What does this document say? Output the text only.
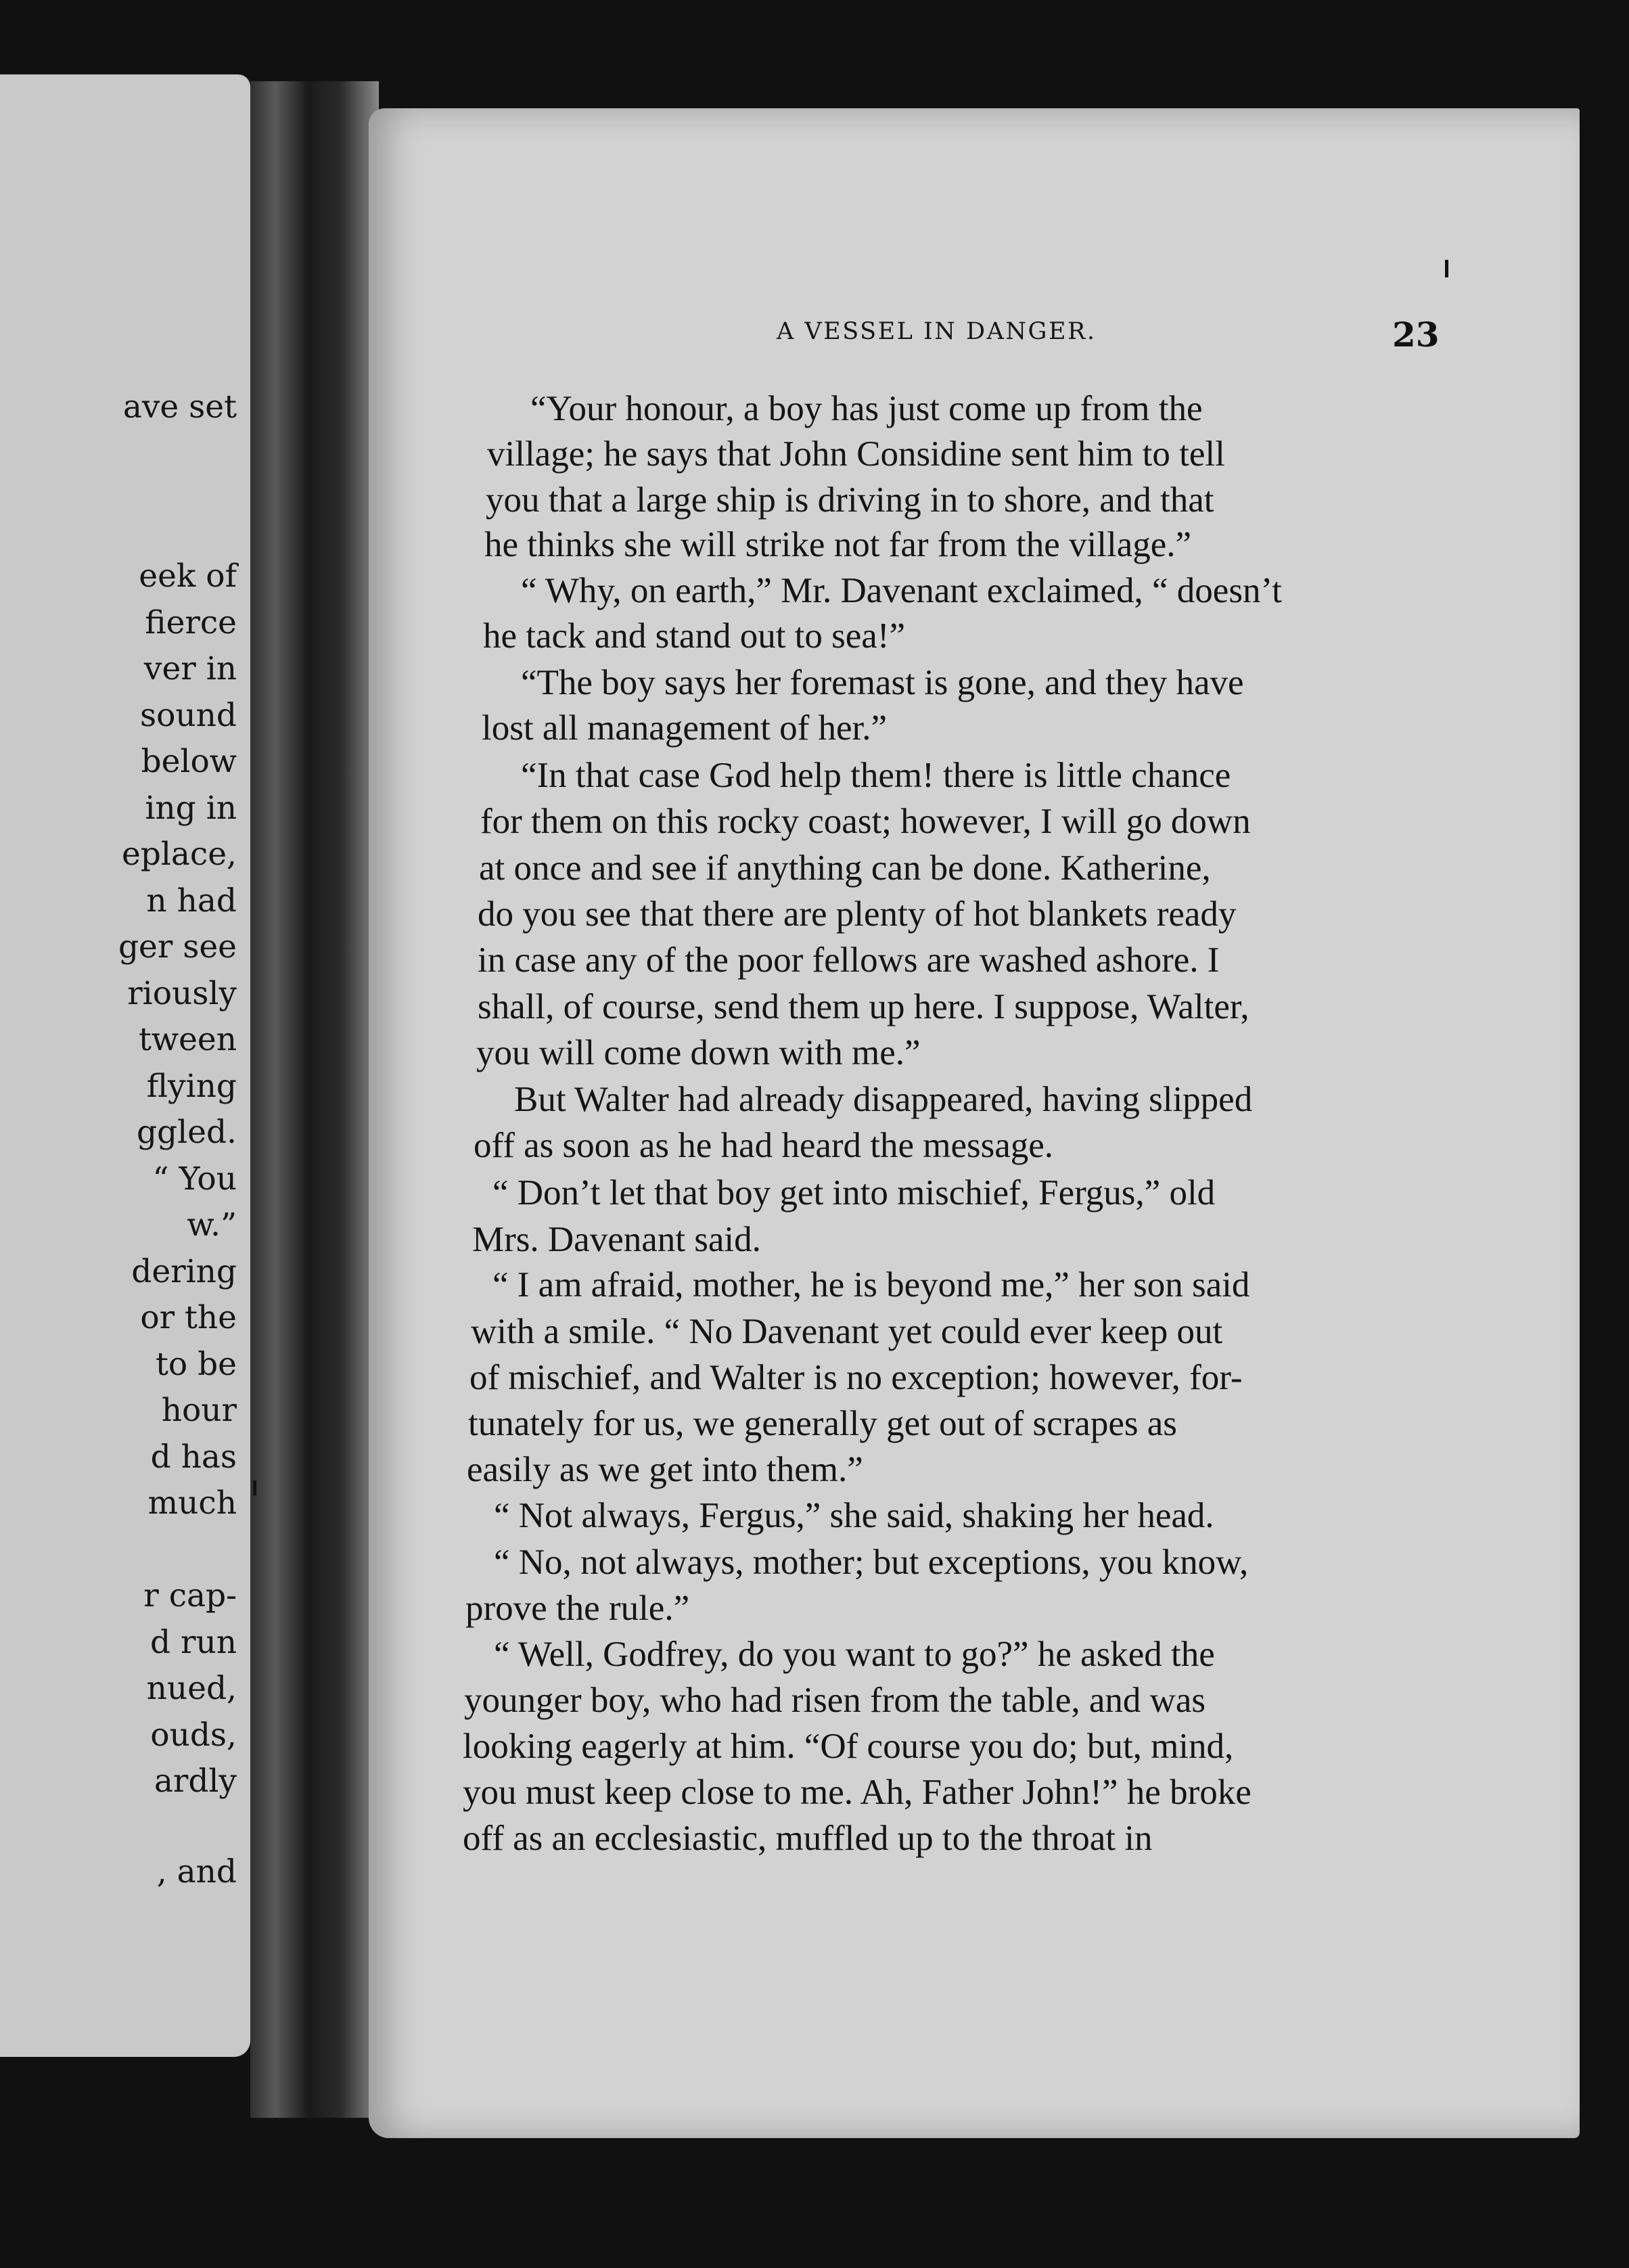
ave set
eek of
fierce
ver in
sound
below
ing in
eplace,
n had
ger see
riously
tween
flying
ggled.
“ You
w.”
dering
or the
to be
hour
d has
much
r cap-
d run
nued,
ouds,
ardly
, and
A VESSEL IN DANGER.	23
“Your honour, a boy has just come up from the
village; he says that John Considine sent him to tell
you that a large ship is driving in to shore, and that
he thinks she will strike not far from the village.”
“ Why, on earth,” Mr. Davenant exclaimed, “ doesn’t
he tack and stand out to sea!”
“The boy says her foremast is gone, and they have
lost all management of her.”
“In that case God help them! there is little chance
for them on this rocky coast; however, I will go down
at once and see if anything can be done. Katherine,
do you see that there are plenty of hot blankets ready
in case any of the poor fellows are washed ashore. I
shall, of course, send them up here. I suppose, Walter,
you will come down with me.”
But Walter had already disappeared, having slipped
off as soon as he had heard the message.
“ Don’t let that boy get into mischief, Fergus,” old
Mrs. Davenant said.
“ I am afraid, mother, he is beyond me,” her son said
with a smile. “ No Davenant yet could ever keep out
of mischief, and Walter is no exception; however, for-
tunately for us, we generally get out of scrapes as
easily as we get into them.”
“ Not always, Fergus,” she said, shaking her head.
“ No, not always, mother; but exceptions, you know,
prove the rule.”
“ Well, Godfrey, do you want to go?” he asked the
younger boy, who had risen from the table, and was
looking eagerly at him. “Of course you do; but, mind,
you must keep close to me. Ah, Father John!” he broke
off as an ecclesiastic, muffled up to the throat in
